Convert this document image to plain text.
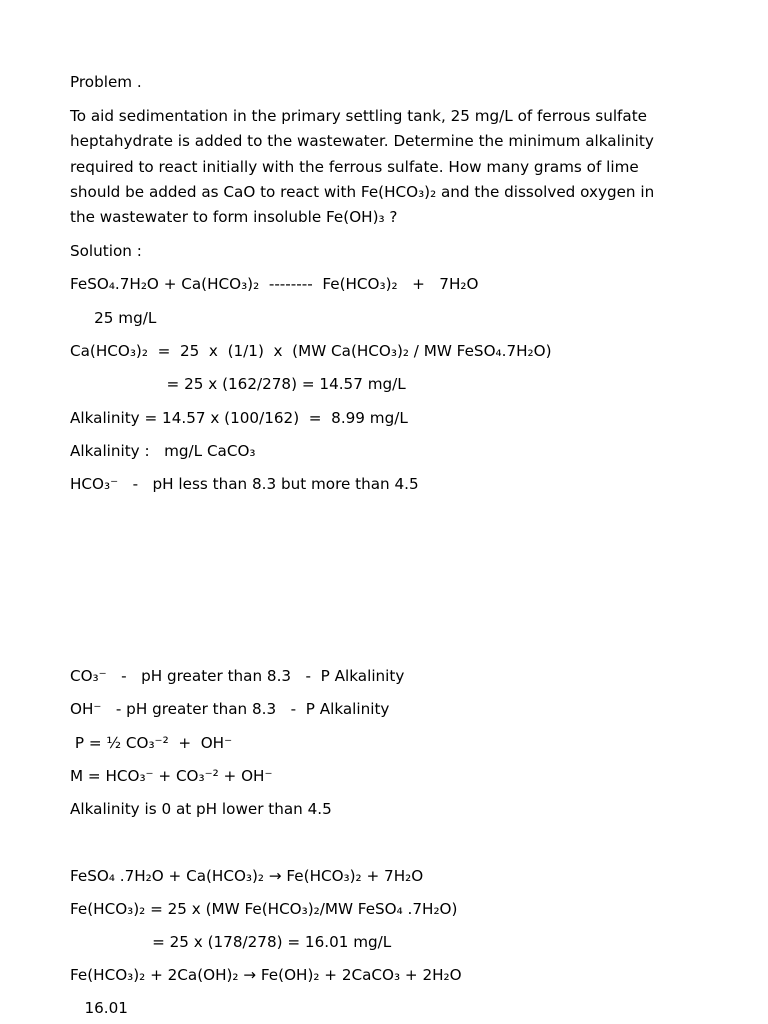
Problem .
To aid sedimentation in the primary settling tank, 25 mg/L of ferrous sulfate
heptahydrate is added to the wastewater. Determine the minimum alkalinity
required to react initially with the ferrous sulfate. How many grams of lime
should be added as CaO to react with Fe(HCO₃)₂ and the dissolved oxygen in
the wastewater to form insoluble Fe(OH)₃ ?
Solution :
FeSO₄.7H₂O + Ca(HCO₃)₂  --------  Fe(HCO₃)₂   +   7H₂O
25 mg/L
Ca(HCO₃)₂  =  25  x  (1/1)  x  (MW Ca(HCO₃)₂ / MW FeSO₄.7H₂O)
= 25 x (162/278) = 14.57 mg/L
Alkalinity = 14.57 x (100/162)  =  8.99 mg/L
Alkalinity :   mg/L CaCO₃
HCO₃⁻   -   pH less than 8.3 but more than 4.5
CO₃⁻   -   pH greater than 8.3   -  P Alkalinity
OH⁻   - pH greater than 8.3   -  P Alkalinity
P = ½ CO₃⁻²  +  OH⁻
M = HCO₃⁻ + CO₃⁻² + OH⁻
Alkalinity is 0 at pH lower than 4.5
FeSO₄ .7H₂O + Ca(HCO₃)₂ → Fe(HCO₃)₂ + 7H₂O
Fe(HCO₃)₂ = 25 x (MW Fe(HCO₃)₂/MW FeSO₄ .7H₂O)
= 25 x (178/278) = 16.01 mg/L
Fe(HCO₃)₂ + 2Ca(OH)₂ → Fe(OH)₂ + 2CaCO₃ + 2H₂O
16.01
